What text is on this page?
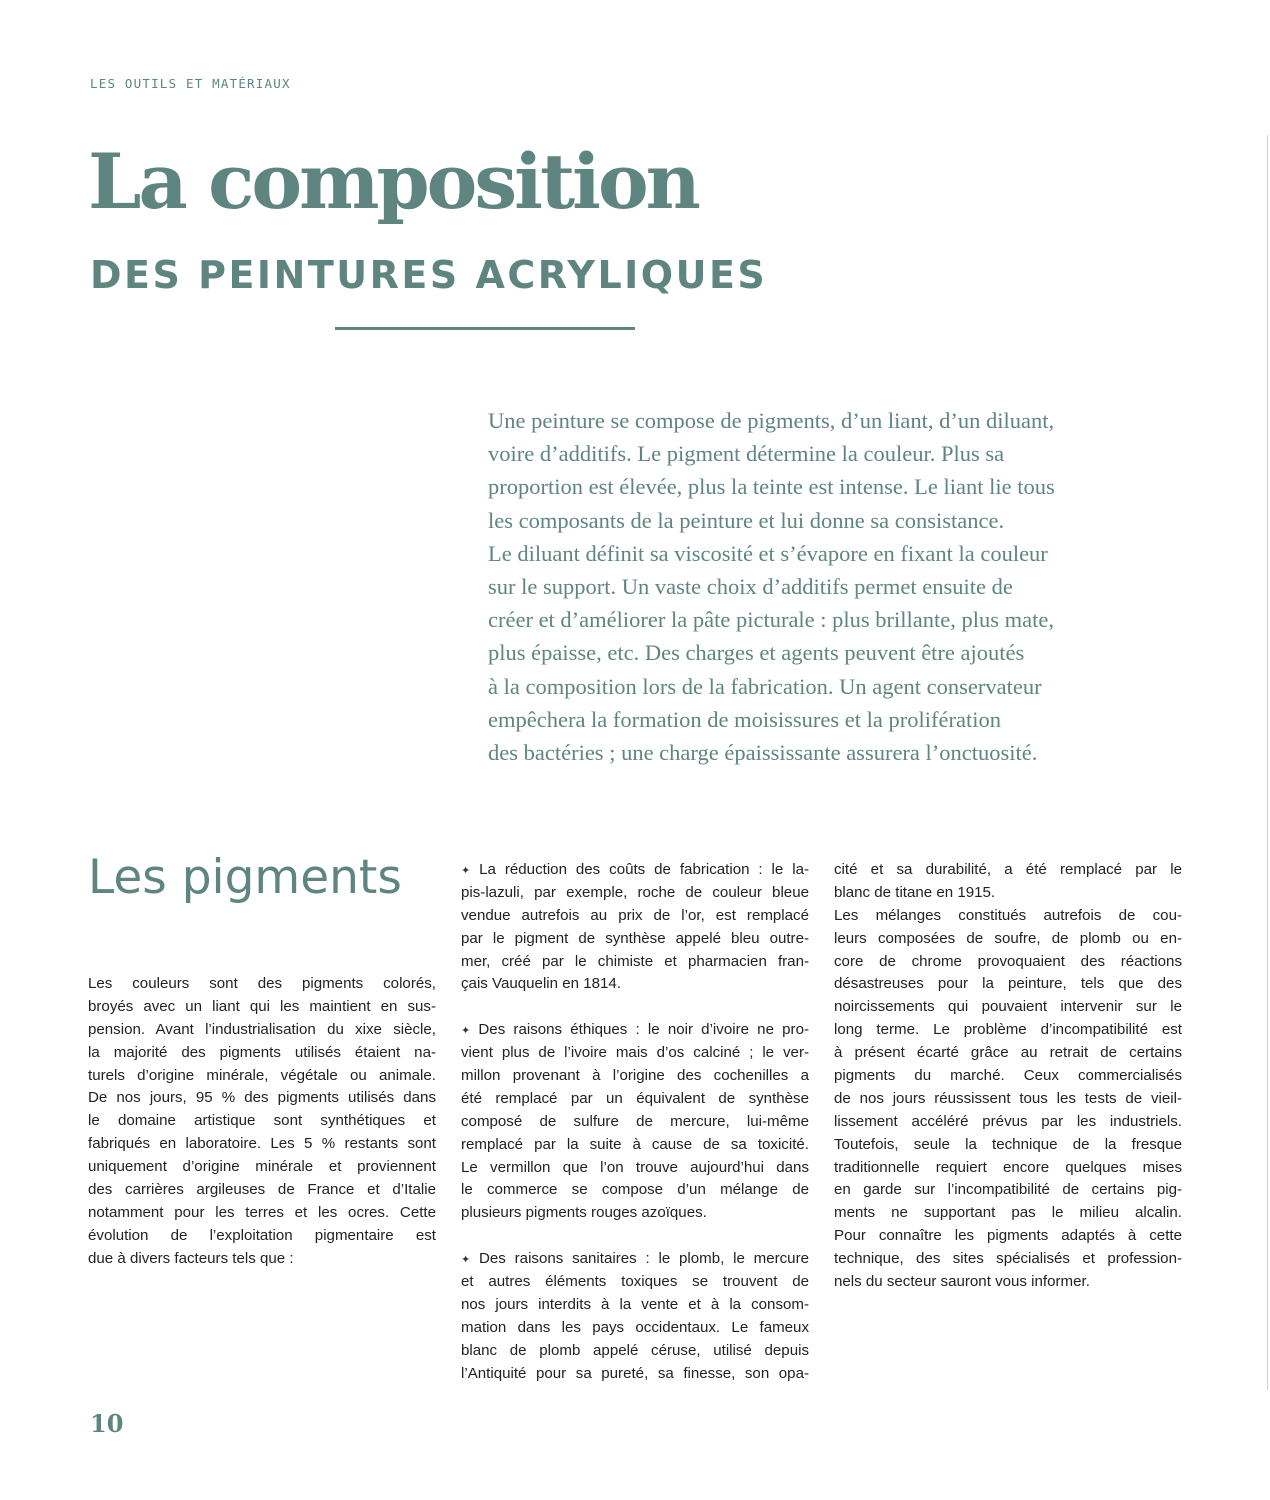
LES OUTILS ET MATÉRIAUX
La composition
DES PEINTURES ACRYLIQUES

Une peinture se compose de pigments, d’un liant, d’un diluant,
voire d’additifs. Le pigment détermine la couleur. Plus sa
proportion est élevée, plus la teinte est intense. Le liant lie tous
les composants de la peinture et lui donne sa consistance.
Le diluant définit sa viscosité et s’évapore en fixant la couleur
sur le support. Un vaste choix d’additifs permet ensuite de
créer et d’améliorer la pâte picturale : plus brillante, plus mate,
plus épaisse, etc. Des charges et agents peuvent être ajoutés
à la composition lors de la fabrication. Un agent conservateur
empêchera la formation de moisissures et la prolifération
des bactéries ; une charge épaississante assurera l’onctuosité.

Les pigments
Les couleurs sont des pigments colorés,
broyés avec un liant qui les maintient en sus-
pension. Avant l’industrialisation du xixe siècle,
la majorité des pigments utilisés étaient na-
turels d’origine minérale, végétale ou animale.
De nos jours, 95 % des pigments utilisés dans
le domaine artistique sont synthétiques et
fabriqués en laboratoire. Les 5 % restants sont
uniquement d’origine minérale et proviennent
des carrières argileuses de France et d’Italie
notamment pour les terres et les ocres. Cette
évolution de l’exploitation pigmentaire est
due à divers facteurs tels que :
✦ La réduction des coûts de fabrication : le la-
pis-lazuli, par exemple, roche de couleur bleue
vendue autrefois au prix de l’or, est remplacé
par le pigment de synthèse appelé bleu outre-
mer, créé par le chimiste et pharmacien fran-
çais Vauquelin en 1814.
✦ Des raisons éthiques : le noir d’ivoire ne pro-
vient plus de l’ivoire mais d’os calciné ; le ver-
millon provenant à l’origine des cochenilles a
été remplacé par un équivalent de synthèse
composé de sulfure de mercure, lui-même
remplacé par la suite à cause de sa toxicité.
Le vermillon que l’on trouve aujourd’hui dans
le commerce se compose d’un mélange de
plusieurs pigments rouges azoïques.
✦ Des raisons sanitaires : le plomb, le mercure
et autres éléments toxiques se trouvent de
nos jours interdits à la vente et à la consom-
mation dans les pays occidentaux. Le fameux
blanc de plomb appelé céruse, utilisé depuis
l’Antiquité pour sa pureté, sa finesse, son opa-
cité et sa durabilité, a été remplacé par le
blanc de titane en 1915.
Les mélanges constitués autrefois de cou-
leurs composées de soufre, de plomb ou en-
core de chrome provoquaient des réactions
désastreuses pour la peinture, tels que des
noircissements qui pouvaient intervenir sur le
long terme. Le problème d’incompatibilité est
à présent écarté grâce au retrait de certains
pigments du marché. Ceux commercialisés
de nos jours réussissent tous les tests de vieil-
lissement accéléré prévus par les industriels.
Toutefois, seule la technique de la fresque
traditionnelle requiert encore quelques mises
en garde sur l’incompatibilité de certains pig-
ments ne supportant pas le milieu alcalin.
Pour connaître les pigments adaptés à cette
technique, des sites spécialisés et profession-
nels du secteur sauront vous informer.
10
